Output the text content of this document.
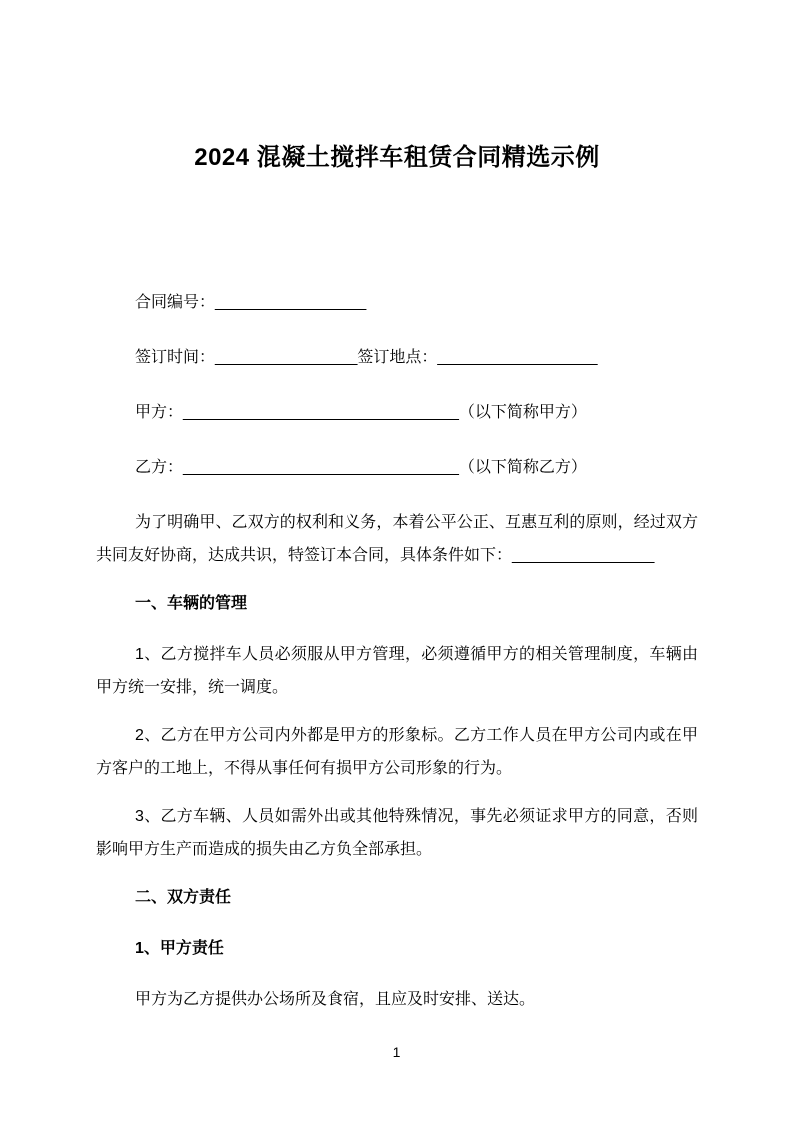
2024 混凝土搅拌车租赁合同精选示例

合同编号：_________________

签订时间：________________签订地点：__________________

甲方：_______________________________（以下简称甲方）

乙方：_______________________________（以下简称乙方）

为了明确甲、乙双方的权利和义务，本着公平公正、互惠互利的原则，经过双方共同友好协商，达成共识，特签订本合同，具体条件如下：________________

一、车辆的管理

1、乙方搅拌车人员必须服从甲方管理，必须遵循甲方的相关管理制度，车辆由甲方统一安排，统一调度。

2、乙方在甲方公司内外都是甲方的形象标。乙方工作人员在甲方公司内或在甲方客户的工地上，不得从事任何有损甲方公司形象的行为。

3、乙方车辆、人员如需外出或其他特殊情况，事先必须证求甲方的同意，否则影响甲方生产而造成的损失由乙方负全部承担。

二、双方责任

1、甲方责任

甲方为乙方提供办公场所及食宿，且应及时安排、送达。

1
